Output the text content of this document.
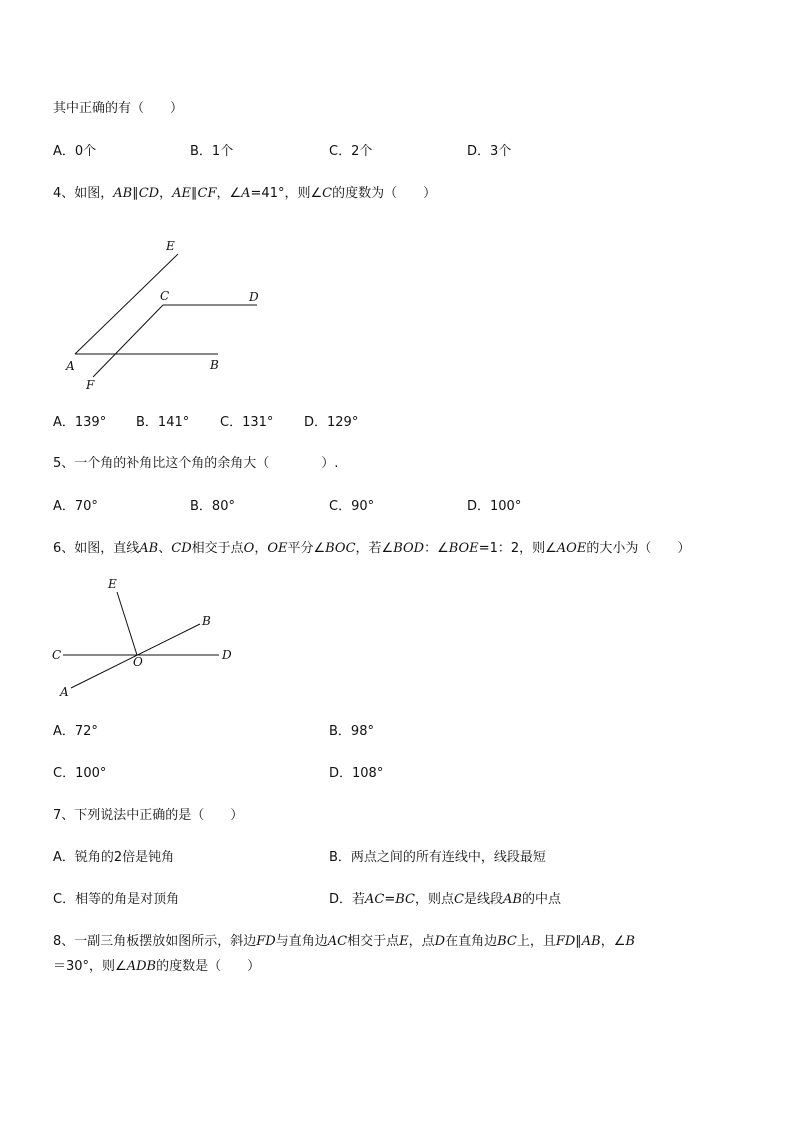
其中正确的有（　　）
A．0个	B．1个	C．2个	D．3个
4、如图，AB∥CD，AE∥CF，∠A=41°，则∠C的度数为（　　）
E
C	D
A	B
F
A．139° B．141° C．131° D．129°
5、一个角的补角比这个角的余角大（　　　　）.
A．70°	B．80°	C．90°	D．100°
6、如图，直线AB、CD相交于点O，OE平分∠BOC，若∠BOD：∠BOE=1：2，则∠AOE的大小为（　　）
E
B
C	O	D
A
A．72°	B．98°
C．100°	D．108°
7、下列说法中正确的是（　　）
A．锐角的2倍是钝角	B．两点之间的所有连线中，线段最短
C．相等的角是对顶角	D．若AC=BC，则点C是线段AB的中点
8、一副三角板摆放如图所示，斜边FD与直角边AC相交于点E，点D在直角边BC上，且FD∥AB，∠B
＝30°，则∠ADB的度数是（　　）
